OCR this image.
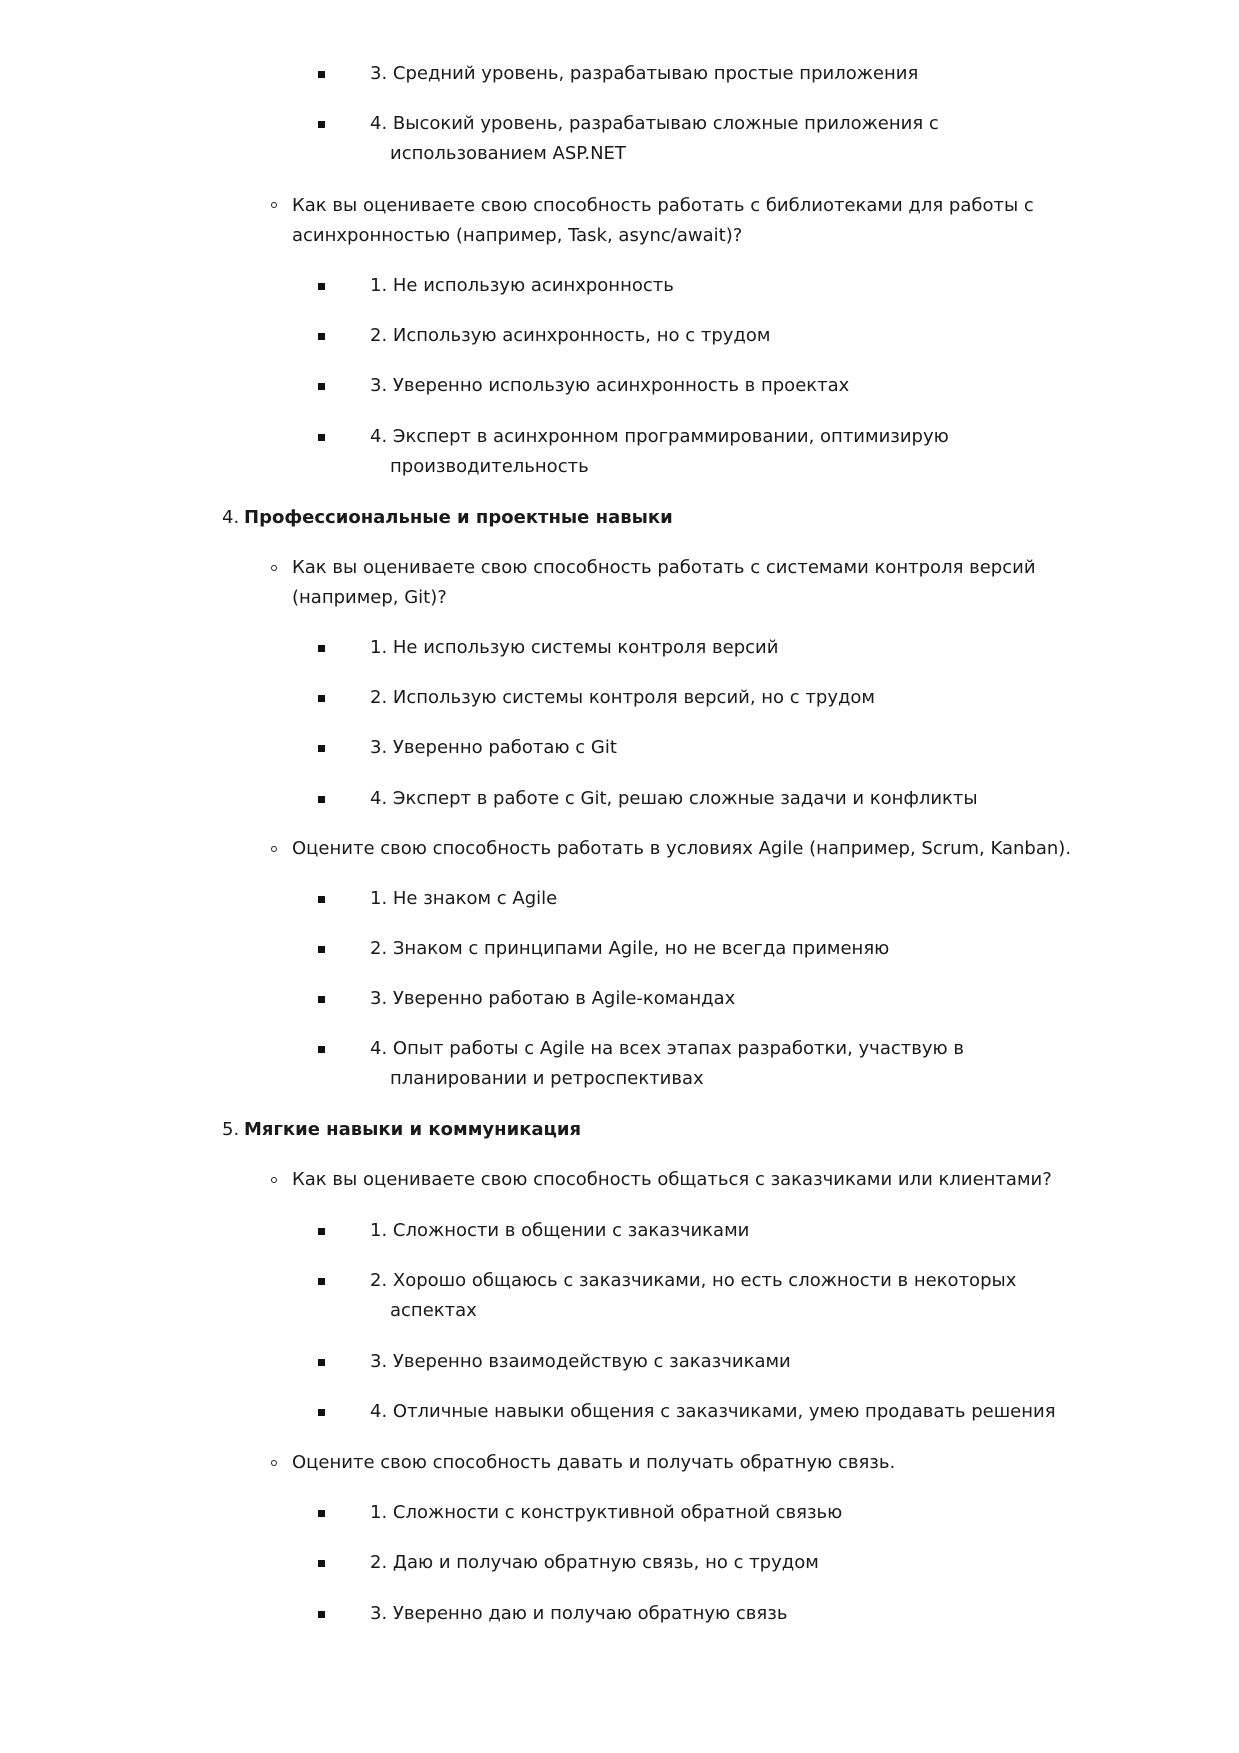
3. Средний уровень, разрабатываю простые приложения
4. Высокий уровень, разрабатываю сложные приложения с
использованием ASP.NET
Как вы оцениваете свою способность работать с библиотеками для работы с
асинхронностью (например, Task, async/await)?
1. Не использую асинхронность
2. Использую асинхронность, но с трудом
3. Уверенно использую асинхронность в проектах
4. Эксперт в асинхронном программировании, оптимизирую
производительность
4. Профессиональные и проектные навыки
Как вы оцениваете свою способность работать с системами контроля версий
(например, Git)?
1. Не использую системы контроля версий
2. Использую системы контроля версий, но с трудом
3. Уверенно работаю с Git
4. Эксперт в работе с Git, решаю сложные задачи и конфликты
Оцените свою способность работать в условиях Agile (например, Scrum, Kanban).
1. Не знаком с Agile
2. Знаком с принципами Agile, но не всегда применяю
3. Уверенно работаю в Agile-командах
4. Опыт работы с Agile на всех этапах разработки, участвую в
планировании и ретроспективах
5. Мягкие навыки и коммуникация
Как вы оцениваете свою способность общаться с заказчиками или клиентами?
1. Сложности в общении с заказчиками
2. Хорошо общаюсь с заказчиками, но есть сложности в некоторых
аспектах
3. Уверенно взаимодействую с заказчиками
4. Отличные навыки общения с заказчиками, умею продавать решения
Оцените свою способность давать и получать обратную связь.
1. Сложности с конструктивной обратной связью
2. Даю и получаю обратную связь, но с трудом
3. Уверенно даю и получаю обратную связь
